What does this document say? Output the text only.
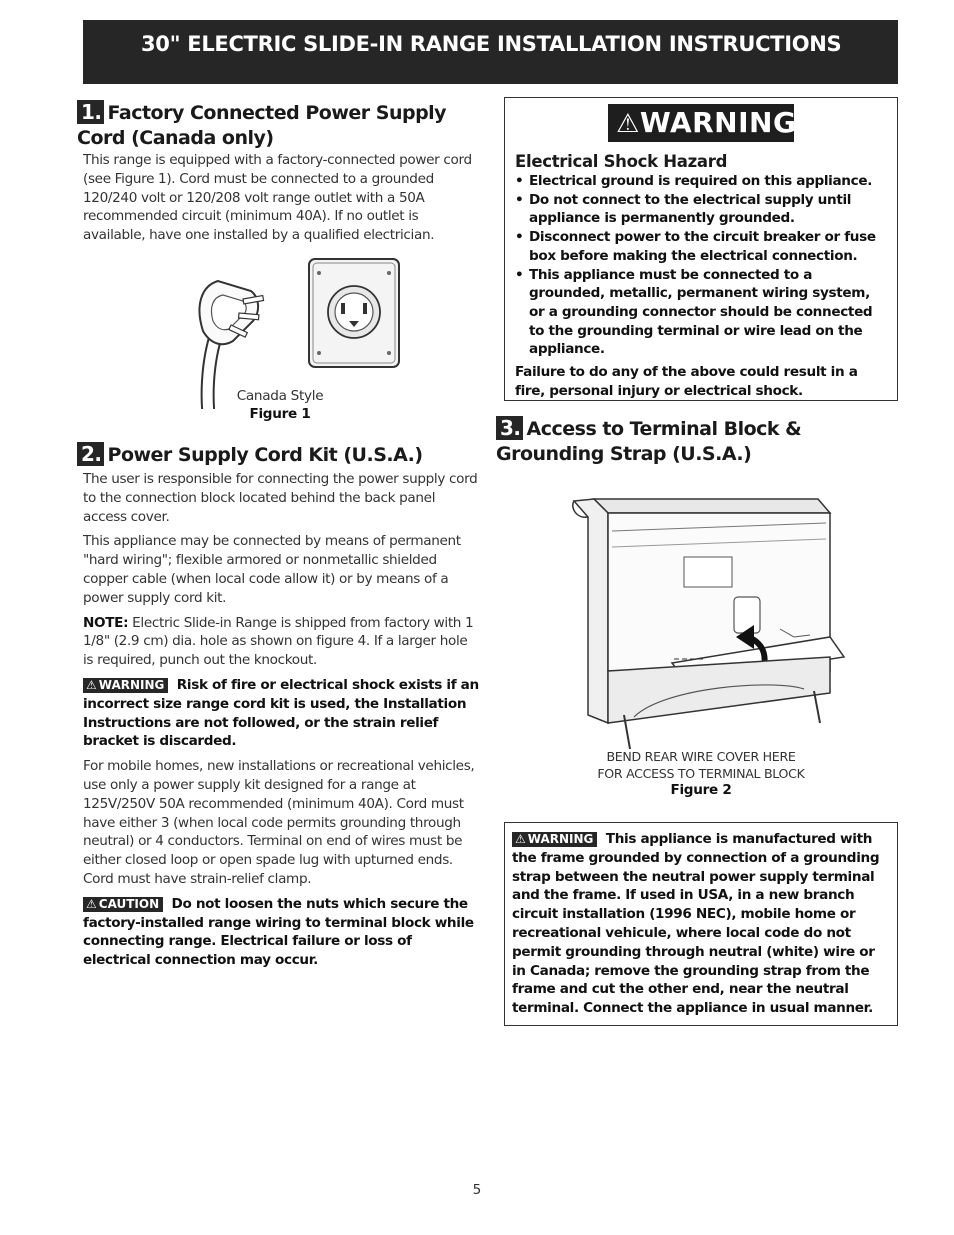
30" ELECTRIC SLIDE-IN RANGE INSTALLATION INSTRUCTIONS
1. Factory Connected Power Supply Cord (Canada only)

This range is equipped with a factory-connected power cord (see Figure 1). Cord must be connected to a grounded 120/240 volt or 120/208 volt range outlet with a 50A recommended circuit (minimum 40A). If no outlet is available, have one installed by a qualified electrician.

Canada Style
Figure 1
2. Power Supply Cord Kit (U.S.A.)

The user is responsible for connecting the power supply cord to the connection block located behind the back panel access cover.

This appliance may be connected by means of permanent "hard wiring"; flexible armored or nonmetallic shielded copper cable (when local code allow it) or by means of a power supply cord kit.

NOTE: Electric Slide-in Range is shipped from factory with 1 1/8" (2.9 cm) dia. hole as shown on figure 4. If a larger hole is required, punch out the knockout.

⚠ WARNING Risk of fire or electrical shock exists if an incorrect size range cord kit is used, the Installation Instructions are not followed, or the strain relief bracket is discarded.

For mobile homes, new installations or recreational vehicles, use only a power supply kit designed for a range at 125V/250V 50A recommended (minimum 40A). Cord must have either 3 (when local code permits grounding through neutral) or 4 conductors. Terminal on end of wires must be either closed loop or open spade lug with upturned ends. Cord must have strain-relief clamp.

⚠ CAUTION Do not loosen the nuts which secure the factory-installed range wiring to terminal block while connecting range. Electrical failure or loss of electrical connection may occur.

⚠WARNING
Electrical Shock Hazard
• Electrical ground is required on this appliance.
• Do not connect to the electrical supply until appliance is permanently grounded.
• Disconnect power to the circuit breaker or fuse box before making the electrical connection.
• This appliance must be connected to a grounded, metallic, permanent wiring system, or a grounding connector should be connected to the grounding terminal or wire lead on the appliance.
Failure to do any of the above could result in a fire, personal injury or electrical shock.
3. Access to Terminal Block & Grounding Strap (U.S.A.)
BEND REAR WIRE COVER HERE
FOR ACCESS TO TERMINAL BLOCK
Figure 2

⚠ WARNING This appliance is manufactured with the frame grounded by connection of a grounding strap between the neutral power supply terminal and the frame. If used in USA, in a new branch circuit installation (1996 NEC), mobile home or recreational vehicule, where local code do not permit grounding through neutral (white) wire or in Canada; remove the grounding strap from the frame and cut the other end, near the neutral terminal. Connect the appliance in usual manner.

5
